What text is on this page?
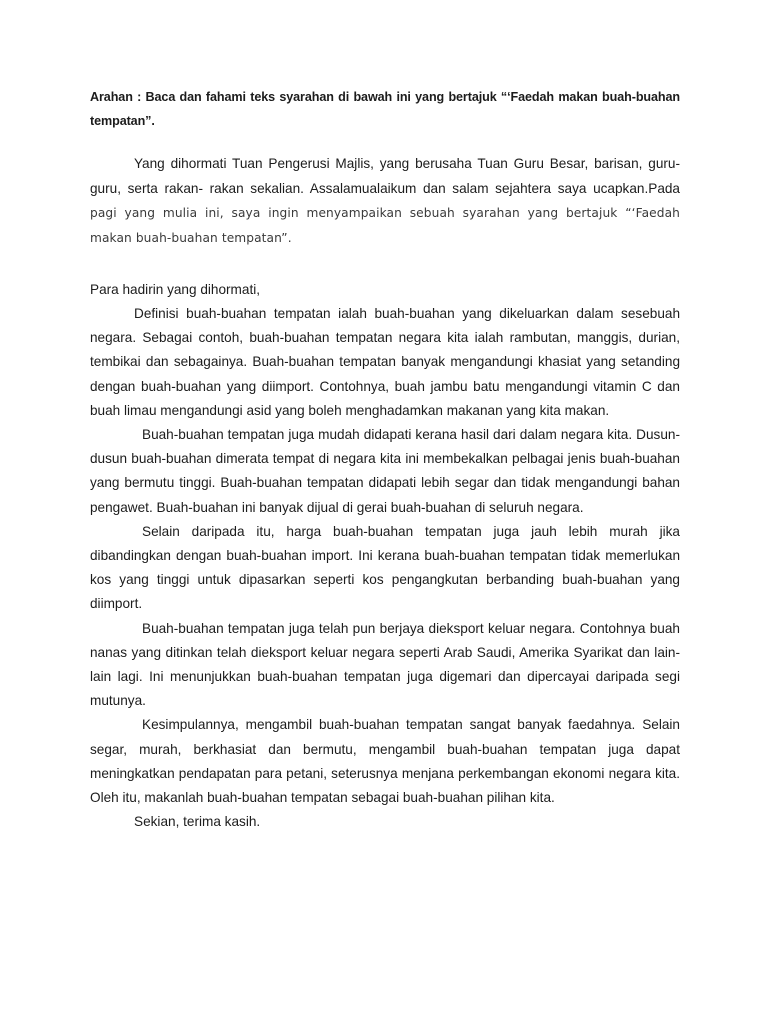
Arahan : Baca dan fahami teks syarahan di bawah ini yang bertajuk “‘Faedah makan buah-buahan tempatan”.

Yang dihormati Tuan Pengerusi Majlis, yang berusaha Tuan Guru Besar, barisan, guru-guru, serta rakan- rakan sekalian. Assalamualaikum dan salam sejahtera saya ucapkan.Pada pagi yang mulia ini, saya ingin menyampaikan sebuah syarahan yang bertajuk “‘Faedah makan buah-buahan tempatan”.

Para hadirin yang dihormati,

Definisi buah-buahan tempatan ialah buah-buahan yang dikeluarkan dalam sesebuah negara. Sebagai contoh, buah-buahan tempatan negara kita ialah rambutan, manggis, durian, tembikai dan sebagainya. Buah-buahan tempatan banyak mengandungi khasiat yang setanding dengan buah-buahan yang diimport. Contohnya, buah jambu batu mengandungi vitamin C dan buah limau mengandungi asid yang boleh menghadamkan makanan yang kita makan.

Buah-buahan tempatan juga mudah didapati kerana hasil dari dalam negara kita. Dusun-dusun buah-buahan dimerata tempat di negara kita ini membekalkan pelbagai jenis buah-buahan yang bermutu tinggi. Buah-buahan tempatan didapati lebih segar dan tidak mengandungi bahan pengawet. Buah-buahan ini banyak dijual di gerai buah-buahan di seluruh negara.

Selain daripada itu, harga buah-buahan tempatan juga jauh lebih murah jika dibandingkan dengan buah-buahan import. Ini kerana buah-buahan tempatan tidak memerlukan kos yang tinggi untuk dipasarkan seperti kos pengangkutan berbanding buah-buahan yang diimport.

Buah-buahan tempatan juga telah pun berjaya dieksport keluar negara. Contohnya buah nanas yang ditinkan telah dieksport keluar negara seperti Arab Saudi, Amerika Syarikat dan lain-lain lagi. Ini menunjukkan buah-buahan tempatan juga digemari dan dipercayai daripada segi mutunya.

Kesimpulannya, mengambil buah-buahan tempatan sangat banyak faedahnya. Selain segar, murah, berkhasiat dan bermutu, mengambil buah-buahan tempatan juga dapat meningkatkan pendapatan para petani, seterusnya menjana perkembangan ekonomi negara kita. Oleh itu, makanlah buah-buahan tempatan sebagai buah-buahan pilihan kita.

Sekian, terima kasih.
